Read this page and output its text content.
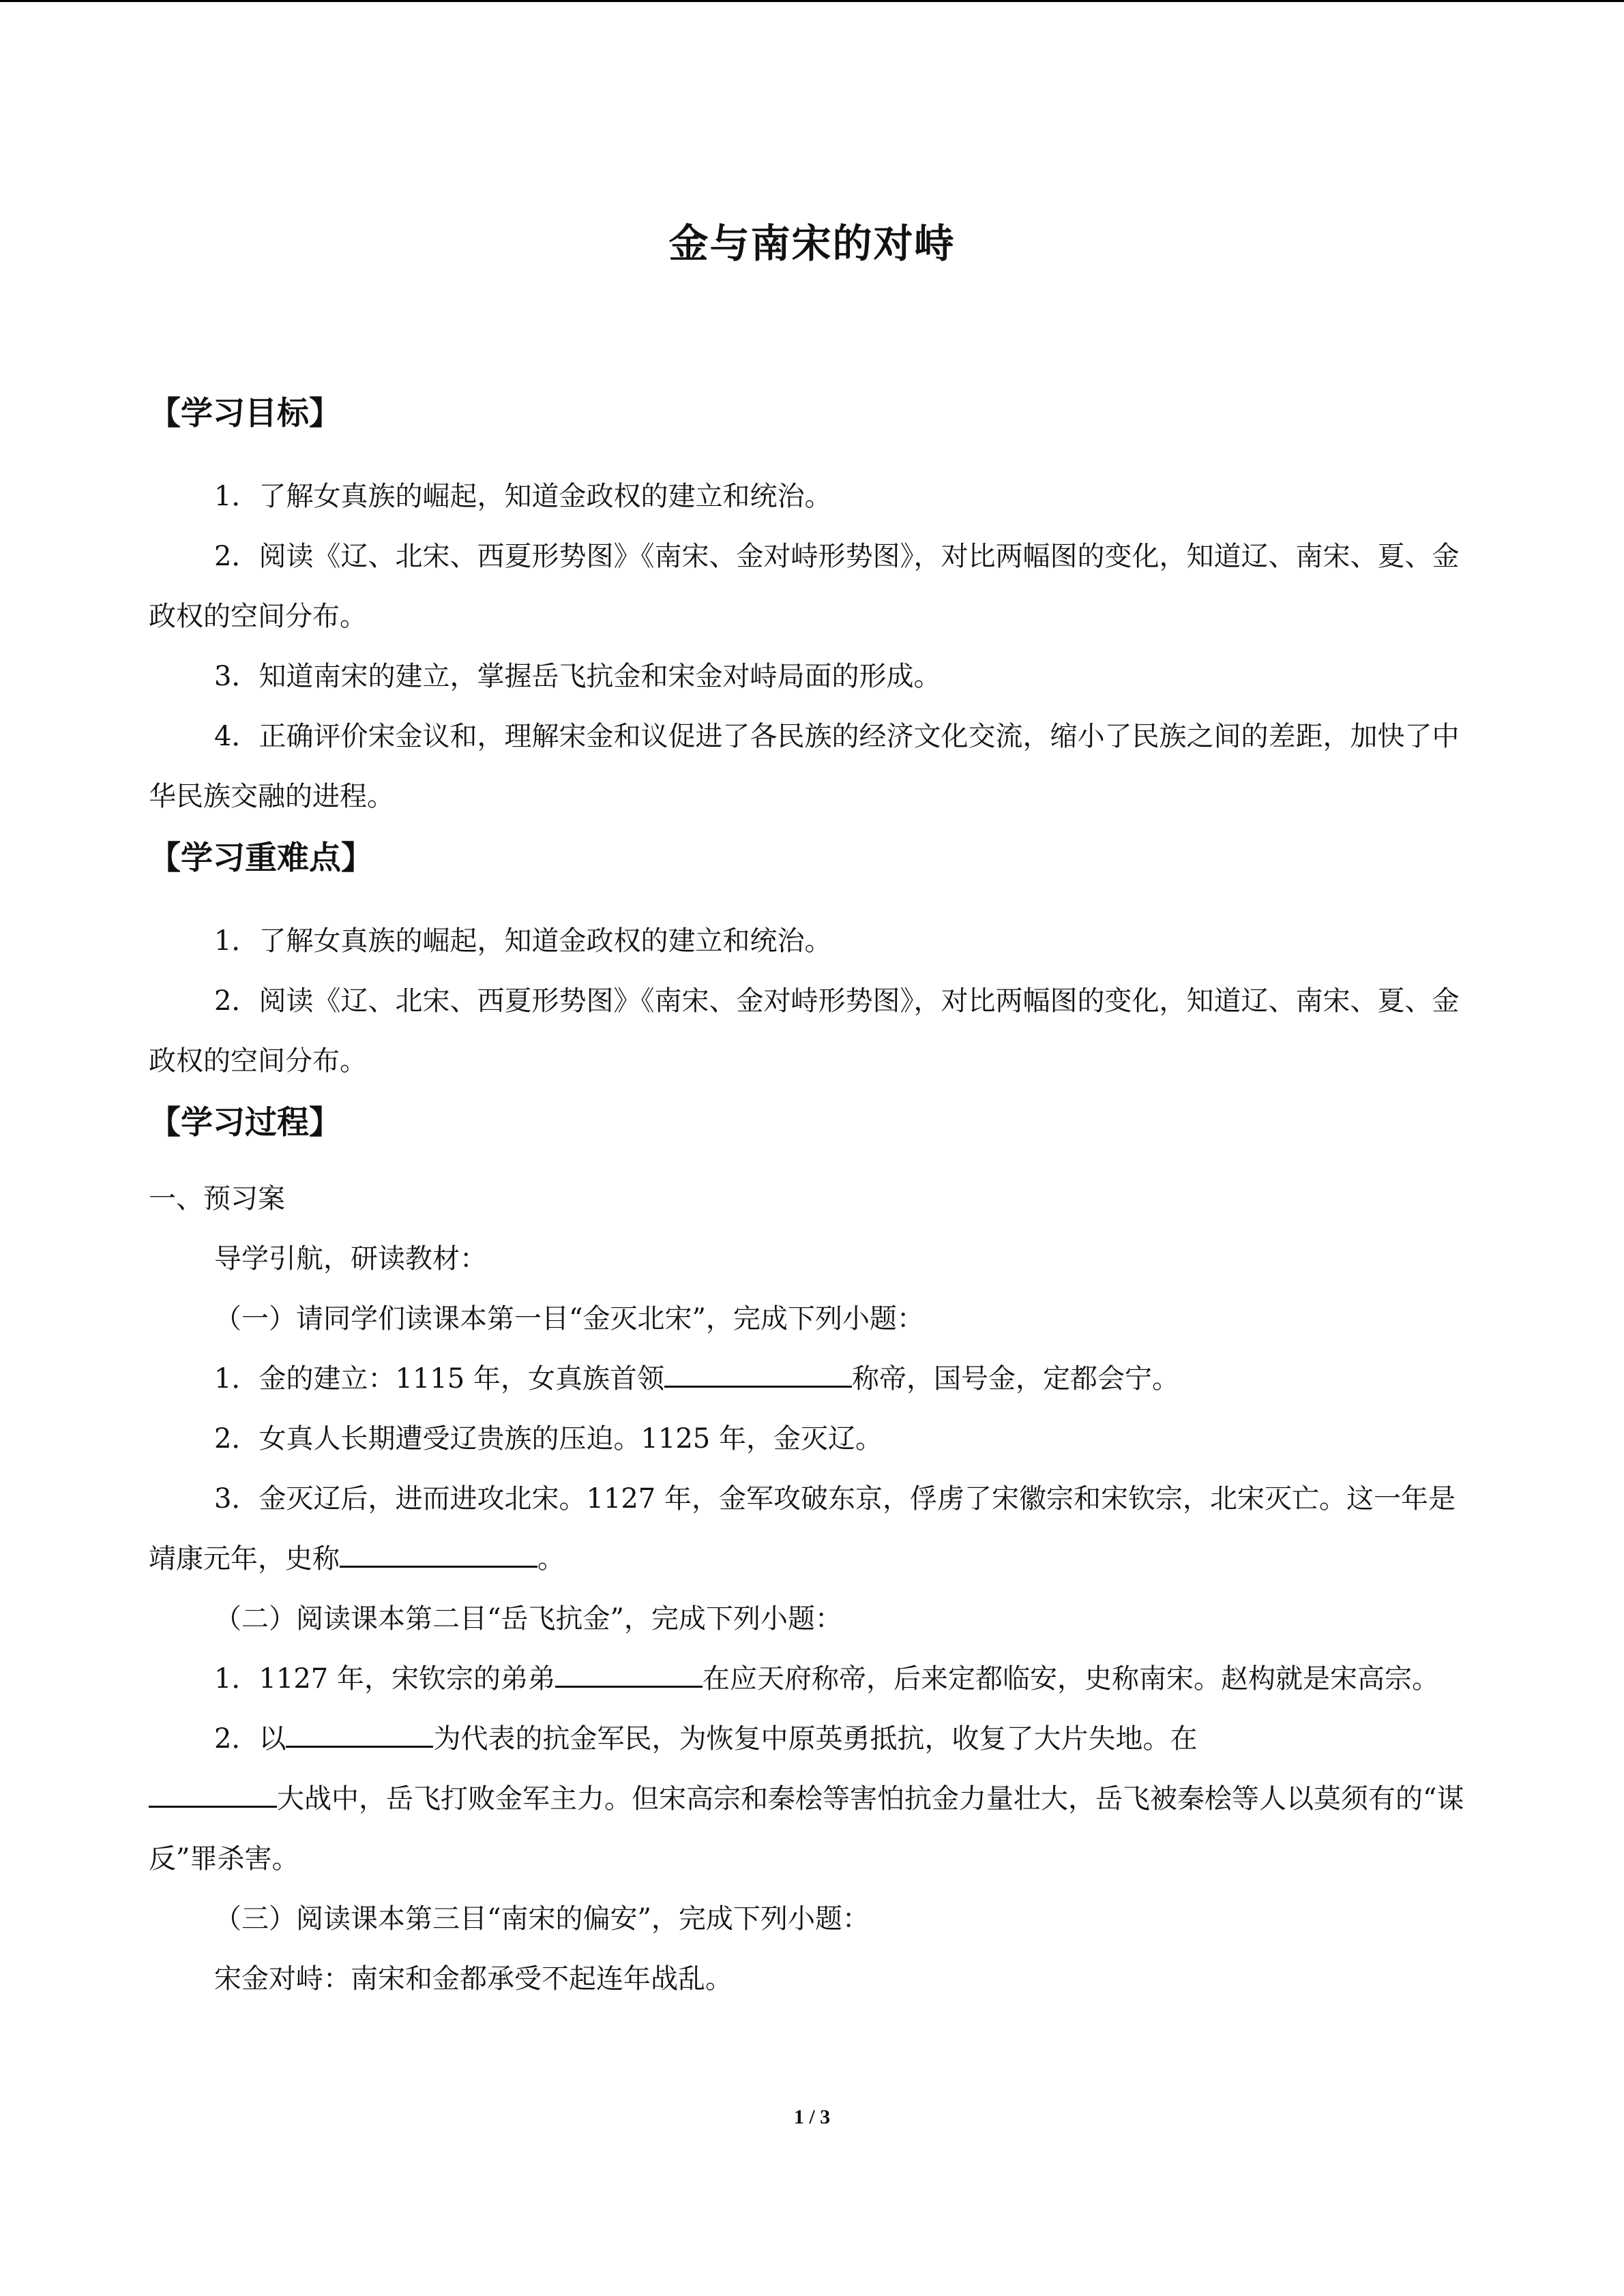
金与南宋的对峙
【学习目标】

1．了解女真族的崛起，知道金政权的建立和统治。

2．阅读《辽、北宋、西夏形势图》《南宋、金对峙形势图》，对比两幅图的变化，知道辽、南宋、夏、金政权的空间分布。

3．知道南宋的建立，掌握岳飞抗金和宋金对峙局面的形成。

4．正确评价宋金议和，理解宋金和议促进了各民族的经济文化交流，缩小了民族之间的差距，加快了中华民族交融的进程。

【学习重难点】

1．了解女真族的崛起，知道金政权的建立和统治。

2．阅读《辽、北宋、西夏形势图》《南宋、金对峙形势图》，对比两幅图的变化，知道辽、南宋、夏、金政权的空间分布。

【学习过程】

一、预习案

导学引航，研读教材：

（一）请同学们读课本第一目“金灭北宋”，完成下列小题：

1．金的建立：1115 年，女真族首领	称帝，国号金，定都会宁。

2．女真人长期遭受辽贵族的压迫。1125 年，金灭辽。

3．金灭辽后，进而进攻北宋。1127 年，金军攻破东京，俘虏了宋徽宗和宋钦宗，北宋灭亡。这一年是靖康元年，史称	。

（二）阅读课本第二目“岳飞抗金”，完成下列小题：

1．1127 年，宋钦宗的弟弟	在应天府称帝，后来定都临安，史称南宋。赵构就是宋高宗。

2．以	为代表的抗金军民，为恢复中原英勇抵抗，收复了大片失地。在
大战中，岳飞打败金军主力。但宋高宗和秦桧等害怕抗金力量壮大，岳飞被秦桧等人以莫须有的“谋反”罪杀害。

（三）阅读课本第三目“南宋的偏安”，完成下列小题：

宋金对峙：南宋和金都承受不起连年战乱。

1 / 3
